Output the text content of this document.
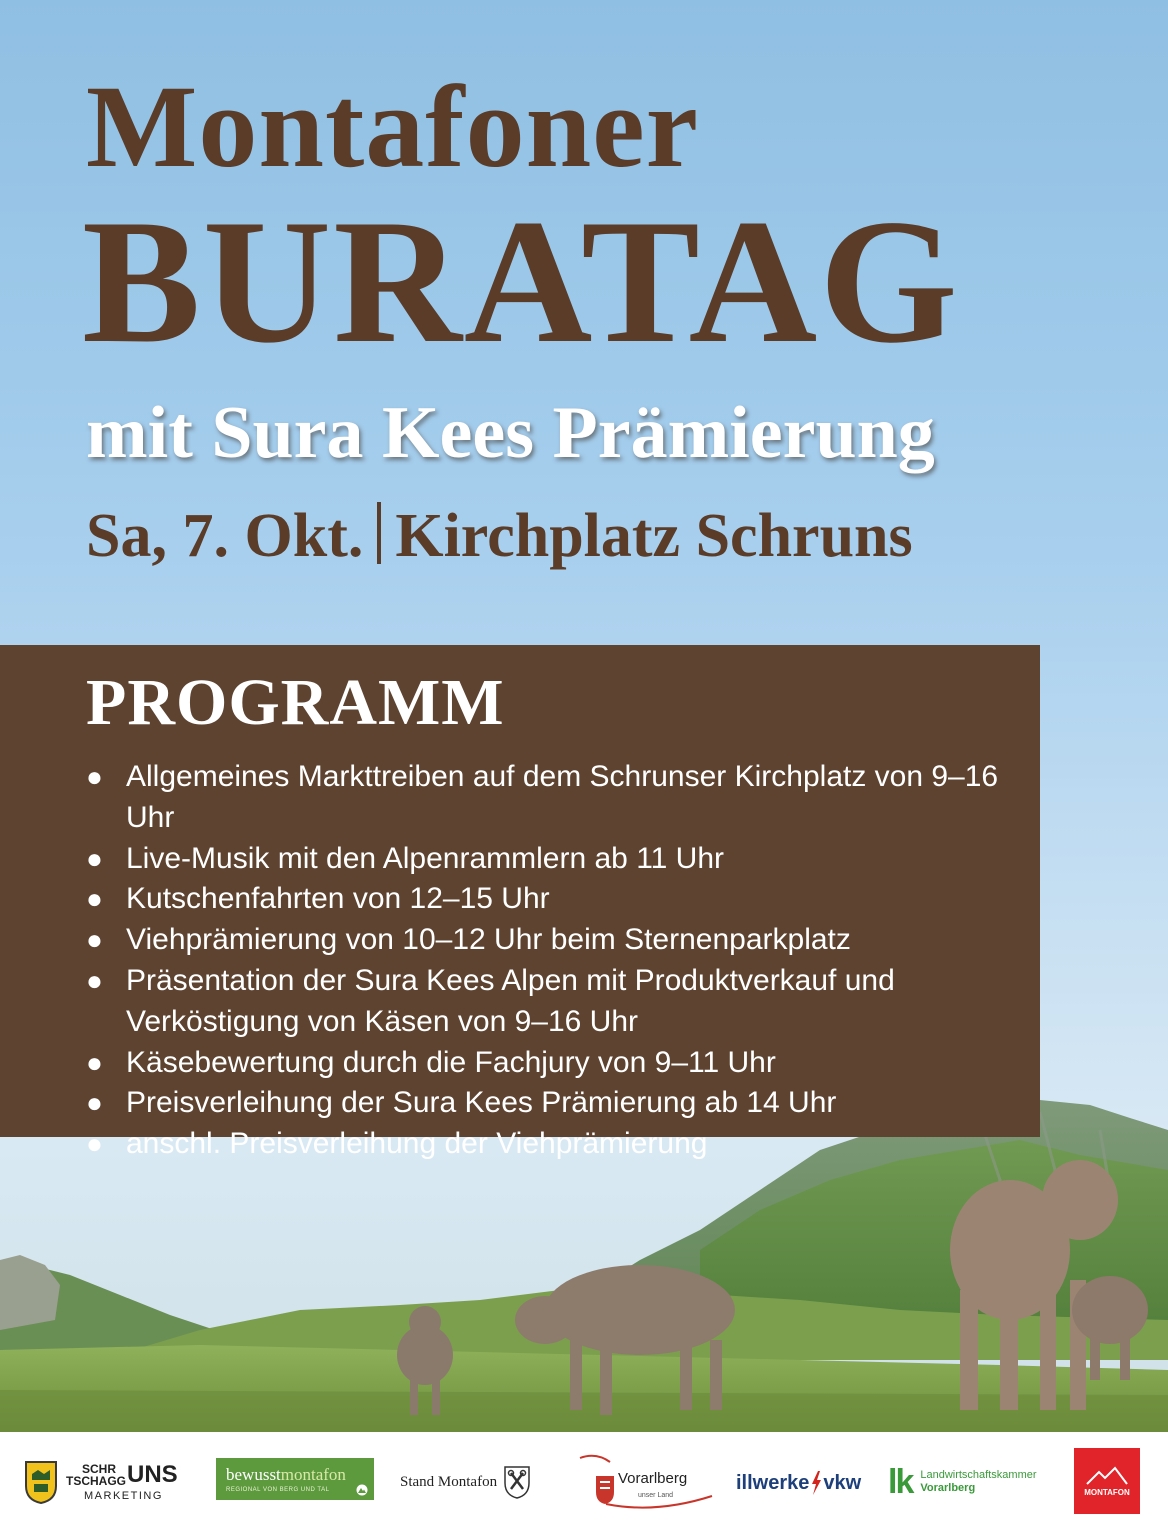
Montafoner
BURATAG
mit Sura Kees Prämierung
Sa, 7. Okt. Kirchplatz Schruns
PROGRAMM
● Allgemeines Markttreiben auf dem Schrunser Kirchplatz von 9–16 Uhr
● Live-Musik mit den Alpenrammlern ab 11 Uhr
● Kutschenfahrten von 12–15 Uhr
● Viehprämierung von 10–12 Uhr beim Sternenparkplatz
● Präsentation der Sura Kees Alpen mit Produktverkauf und Verköstigung von Käsen von 9–16 Uhr
● Käsebewertung durch die Fachjury von 9–11 Uhr
● Preisverleihung der Sura Kees Prämierung ab 14 Uhr
● anschl. Preisverleihung der Viehprämierung
SCHR
TSCHAGG UNS
MARKETING
bewusstmontafon
REGIONAL VON BERG UND TAL	Stand Montafon	Vorarlberg
unser Land
illwerke vkw lk Landwirtschaftskammer
Vorarlberg	MONTAFON
